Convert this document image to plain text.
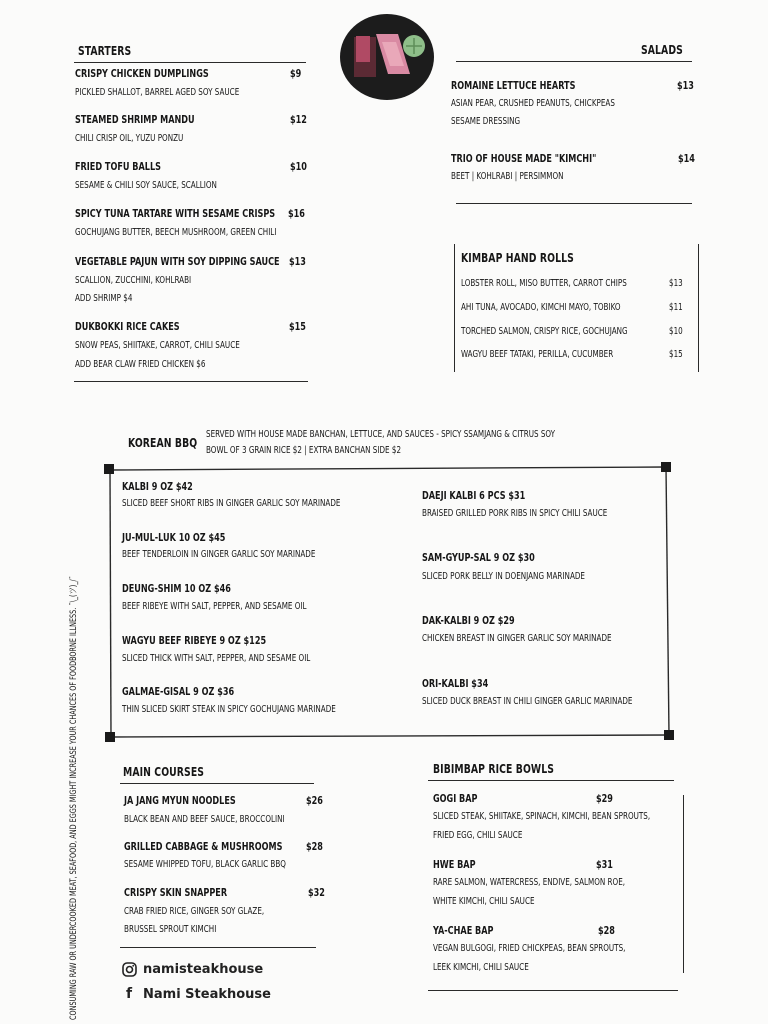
STARTERS
CRISPY CHICKEN DUMPLINGS	$9
PICKLED SHALLOT, BARREL AGED SOY SAUCE
STEAMED SHRIMP MANDU	$12
CHILI CRISP OIL, YUZU PONZU
FRIED TOFU BALLS	$10
SESAME & CHILI SOY SAUCE, SCALLION
SPICY TUNA TARTARE WITH SESAME CRISPS $16
GOCHUJANG BUTTER, BEECH MUSHROOM, GREEN CHILI
VEGETABLE PAJUN WITH SOY DIPPING SAUCE $13
SCALLION, ZUCCHINI, KOHLRABI
ADD SHRIMP $4
DUKBOKKI RICE CAKES	$15
SNOW PEAS, SHIITAKE, CARROT, CHILI SAUCE
ADD BEAR CLAW FRIED CHICKEN $6
SALADS
ROMAINE LETTUCE HEARTS	$13
ASIAN PEAR, CRUSHED PEANUTS, CHICKPEAS
SESAME DRESSING
TRIO OF HOUSE MADE "KIMCHI"	$14
BEET | KOHLRABI | PERSIMMON
KIMBAP HAND ROLLS
LOBSTER ROLL, MISO BUTTER, CARROT CHIPS	$13
AHI TUNA, AVOCADO, KIMCHI MAYO, TOBIKO	$11
TORCHED SALMON, CRISPY RICE, GOCHUJANG	$10
WAGYU BEEF TATAKI, PERILLA, CUCUMBER	$15
KOREAN BBQ
SERVED WITH HOUSE MADE BANCHAN, LETTUCE, AND SAUCES - SPICY SSAMJANG & CITRUS SOY
BOWL OF 3 GRAIN RICE $2 | EXTRA BANCHAN SIDE $2
KALBI 9 OZ $42
SLICED BEEF SHORT RIBS IN GINGER GARLIC SOY MARINADE
JU-MUL-LUK 10 OZ $45
BEEF TENDERLOIN IN GINGER GARLIC SOY MARINADE
DEUNG-SHIM 10 OZ $46
BEEF RIBEYE WITH SALT, PEPPER, AND SESAME OIL
WAGYU BEEF RIBEYE 9 OZ $125
SLICED THICK WITH SALT, PEPPER, AND SESAME OIL
GALMAE-GISAL 9 OZ $36
THIN SLICED SKIRT STEAK IN SPICY GOCHUJANG MARINADE
DAEJI KALBI 6 PCS $31
BRAISED GRILLED PORK RIBS IN SPICY CHILI SAUCE
SAM-GYUP-SAL 9 OZ $30
SLICED PORK BELLY IN DOENJANG MARINADE
DAK-KALBI 9 OZ $29
CHICKEN BREAST IN GINGER GARLIC SOY MARINADE
ORI-KALBI $34
SLICED DUCK BREAST IN CHILI GINGER GARLIC MARINADE
MAIN COURSES
JA JANG MYUN NOODLES	$26
BLACK BEAN AND BEEF SAUCE, BROCCOLINI
GRILLED CABBAGE & MUSHROOMS $28
SESAME WHIPPED TOFU, BLACK GARLIC BBQ
CRISPY SKIN SNAPPER	$32
CRAB FRIED RICE, GINGER SOY GLAZE,
BRUSSEL SPROUT KIMCHI
BIBIMBAP RICE BOWLS
GOGI BAP	$29
SLICED STEAK, SHIITAKE, SPINACH, KIMCHI, BEAN SPROUTS,
FRIED EGG, CHILI SAUCE
HWE BAP	$31
RARE SALMON, WATERCRESS, ENDIVE, SALMON ROE,
WHITE KIMCHI, CHILI SAUCE
YA-CHAE BAP	$28
VEGAN BULGOGI, FRIED CHICKPEAS, BEAN SPROUTS,
LEEK KIMCHI, CHILI SAUCE
namisteakhouse
f Nami Steakhouse
CONSUMING RAW OR UNDERCOOKED MEAT, SEAFOOD, AND EGGS MIGHT INCREASE YOUR CHANCES OF FOODBORNE ILLNESS. ¯\_(ツ)_/¯
